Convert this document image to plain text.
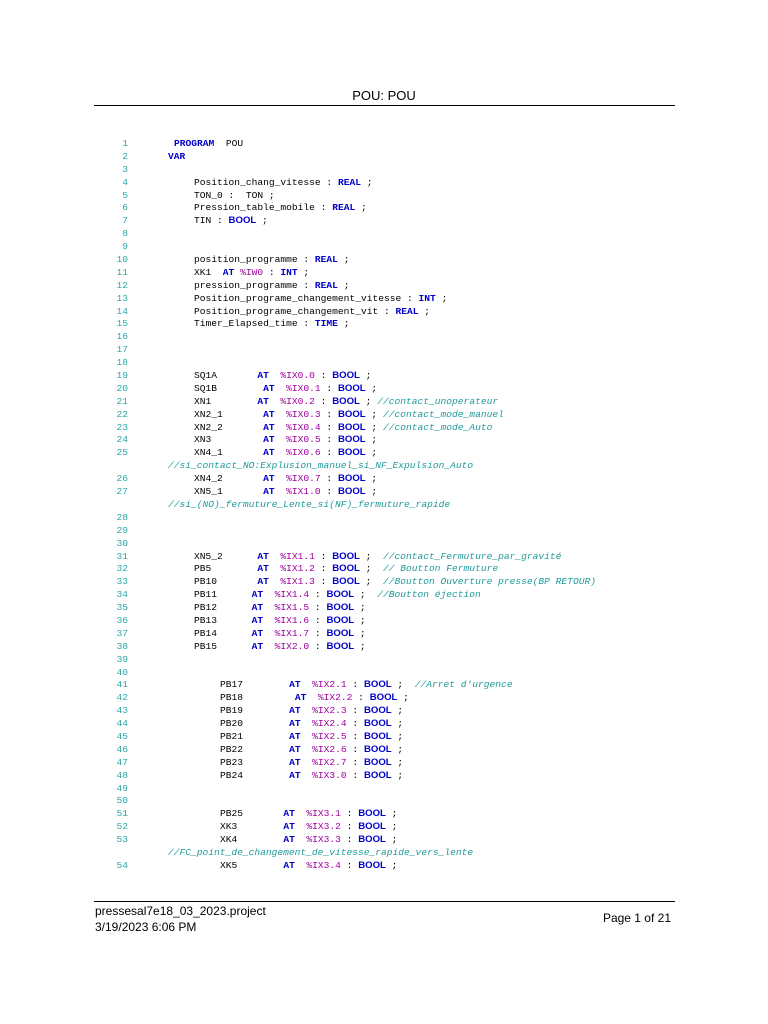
POU: POU
1	PROGRAM  POU
2	VAR
3
4	Position_chang_vitesse : REAL ;
5	TON_0 :  TON ;
6	Pression_table_mobile : REAL ;
7	TIN : BOOL ;
8
9
10	position_programme : REAL ;
11	XK1  AT %IW0 : INT ;
12	pression_programme : REAL ;
13	Position_programe_changement_vitesse : INT ;
14	Position_programe_changement_vit : REAL ;
15	Timer_Elapsed_time : TIME ;
16
17
18
19	SQ1A       AT %IX0.0 : BOOL ;
20	SQ1B        AT %IX0.1 : BOOL ;
21	XN1        AT %IX0.2 : BOOL ; //contact_unoperateur
22	XN2_1       AT %IX0.3 : BOOL ; //contact_mode_manuel
23	XN2_2       AT %IX0.4 : BOOL ; //contact_mode_Auto
24	XN3         AT %IX0.5 : BOOL ;
25	XN4_1       AT %IX0.6 : BOOL ;
//si_contact_NO:Explusion_manuel_si_NF_Expulsion_Auto
26	XN4_2       AT %IX0.7 : BOOL ;
27	XN5_1       AT %IX1.0 : BOOL ;
//si_(NO)_fermuture_Lente_si(NF)_fermuture_rapide
28
29
30
31	XN5_2      AT %IX1.1 : BOOL ;  //contact_Fermuture_par_gravité
32	PB5        AT %IX1.2 : BOOL ;  // Boutton Fermuture
33	PB10       AT %IX1.3 : BOOL ;  //Boutton Ouverture presse(BP RETOUR)
34	PB11      AT %IX1.4 : BOOL ;  //Boutton éjection
35	PB12      AT %IX1.5 : BOOL ;
36	PB13      AT %IX1.6 : BOOL ;
37	PB14      AT %IX1.7 : BOOL ;
38	PB15      AT %IX2.0 : BOOL ;
39
40
41	PB17        AT %IX2.1 : BOOL ;  //Arret d'urgence
42	PB18         AT %IX2.2 : BOOL ;
43	PB19        AT %IX2.3 : BOOL ;
44	PB20        AT %IX2.4 : BOOL ;
45	PB21        AT %IX2.5 : BOOL ;
46	PB22        AT %IX2.6 : BOOL ;
47	PB23        AT %IX2.7 : BOOL ;
48	PB24        AT %IX3.0 : BOOL ;
49
50
51	PB25       AT %IX3.1 : BOOL ;
52	XK3        AT %IX3.2 : BOOL ;
53	XK4        AT %IX3.3 : BOOL ;
//FC_point_de_changement_de_vitesse_rapide_vers_lente
54	XK5        AT %IX3.4 : BOOL ;
pressesal7e18_03_2023.project
3/19/2023 6:06 PM
Page 1 of 21
